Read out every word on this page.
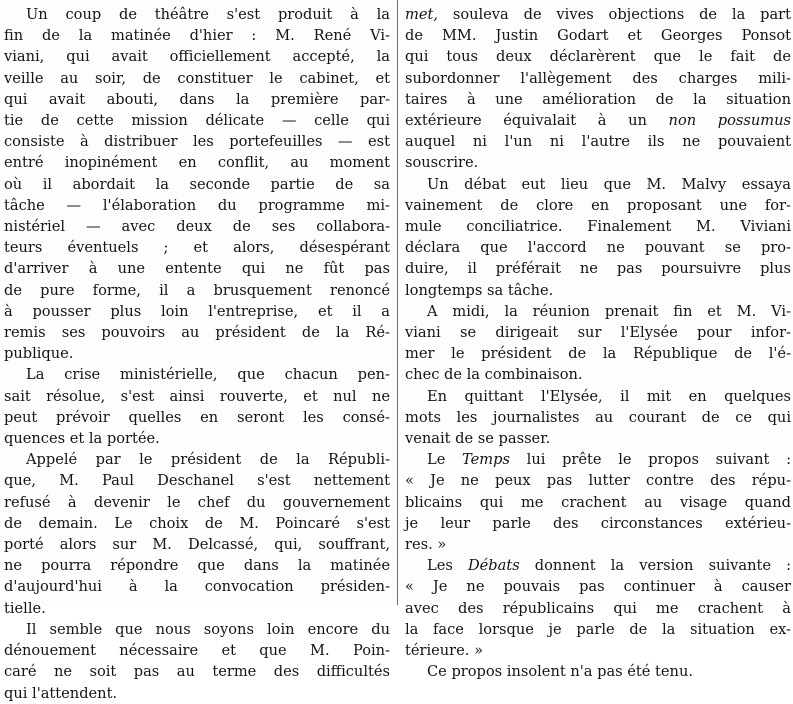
Un coup de théâtre s'est produit à la
fin de la matinée d'hier : M. René Vi-
viani, qui avait officiellement accepté, la
veille au soir, de constituer le cabinet, et
qui avait abouti, dans la première par-
tie de cette mission délicate — celle qui
consiste à distribuer les portefeuilles — est
entré inopinément en conflit, au moment
où il abordait la seconde partie de sa
tâche — l'élaboration du programme mi-
nistériel — avec deux de ses collabora-
teurs éventuels ; et alors, désespérant
d'arriver à une entente qui ne fût pas
de pure forme, il a brusquement renoncé
à pousser plus loin l'entreprise, et il a
remis ses pouvoirs au président de la Ré-
publique.

La crise ministérielle, que chacun pen-
sait résolue, s'est ainsi rouverte, et nul ne
peut prévoir quelles en seront les consé-
quences et la portée.

Appelé par le président de la Républi-
que, M. Paul Deschanel s'est nettement
refusé à devenir le chef du gouvernement
de demain. Le choix de M. Poincaré s'est
porté alors sur M. Delcassé, qui, souffrant,
ne pourra répondre que dans la matinée
d'aujourd'hui à la convocation présiden-
tielle.

Il semble que nous soyons loin encore du
dénouement nécessaire et que M. Poin-
caré ne soit pas au terme des difficultés
qui l'attendent.

met, souleva de vives objections de la part
de MM. Justin Godart et Georges Ponsot
qui tous deux déclarèrent que le fait de
subordonner l'allègement des charges mili-
taires à une amélioration de la situation
extérieure équivalait à un non possumus
auquel ni l'un ni l'autre ils ne pouvaient
souscrire.

Un débat eut lieu que M. Malvy essaya
vainement de clore en proposant une for-
mule conciliatrice. Finalement M. Viviani
déclara que l'accord ne pouvant se pro-
duire, il préférait ne pas poursuivre plus
longtemps sa tâche.

A midi, la réunion prenait fin et M. Vi-
viani se dirigeait sur l'Elysée pour infor-
mer le président de la République de l'é-
chec de la combinaison.

En quittant l'Elysée, il mit en quelques
mots les journalistes au courant de ce qui
venait de se passer.

Le Temps lui prête le propos suivant :
« Je ne peux pas lutter contre des répu-
blicains qui me crachent au visage quand
je leur parle des circonstances extérieu-
res. »

Les Débats donnent la version suivante :
« Je ne pouvais pas continuer à causer
avec des républicains qui me crachent à
la face lorsque je parle de la situation ex-
térieure. »

Ce propos insolent n'a pas été tenu.
